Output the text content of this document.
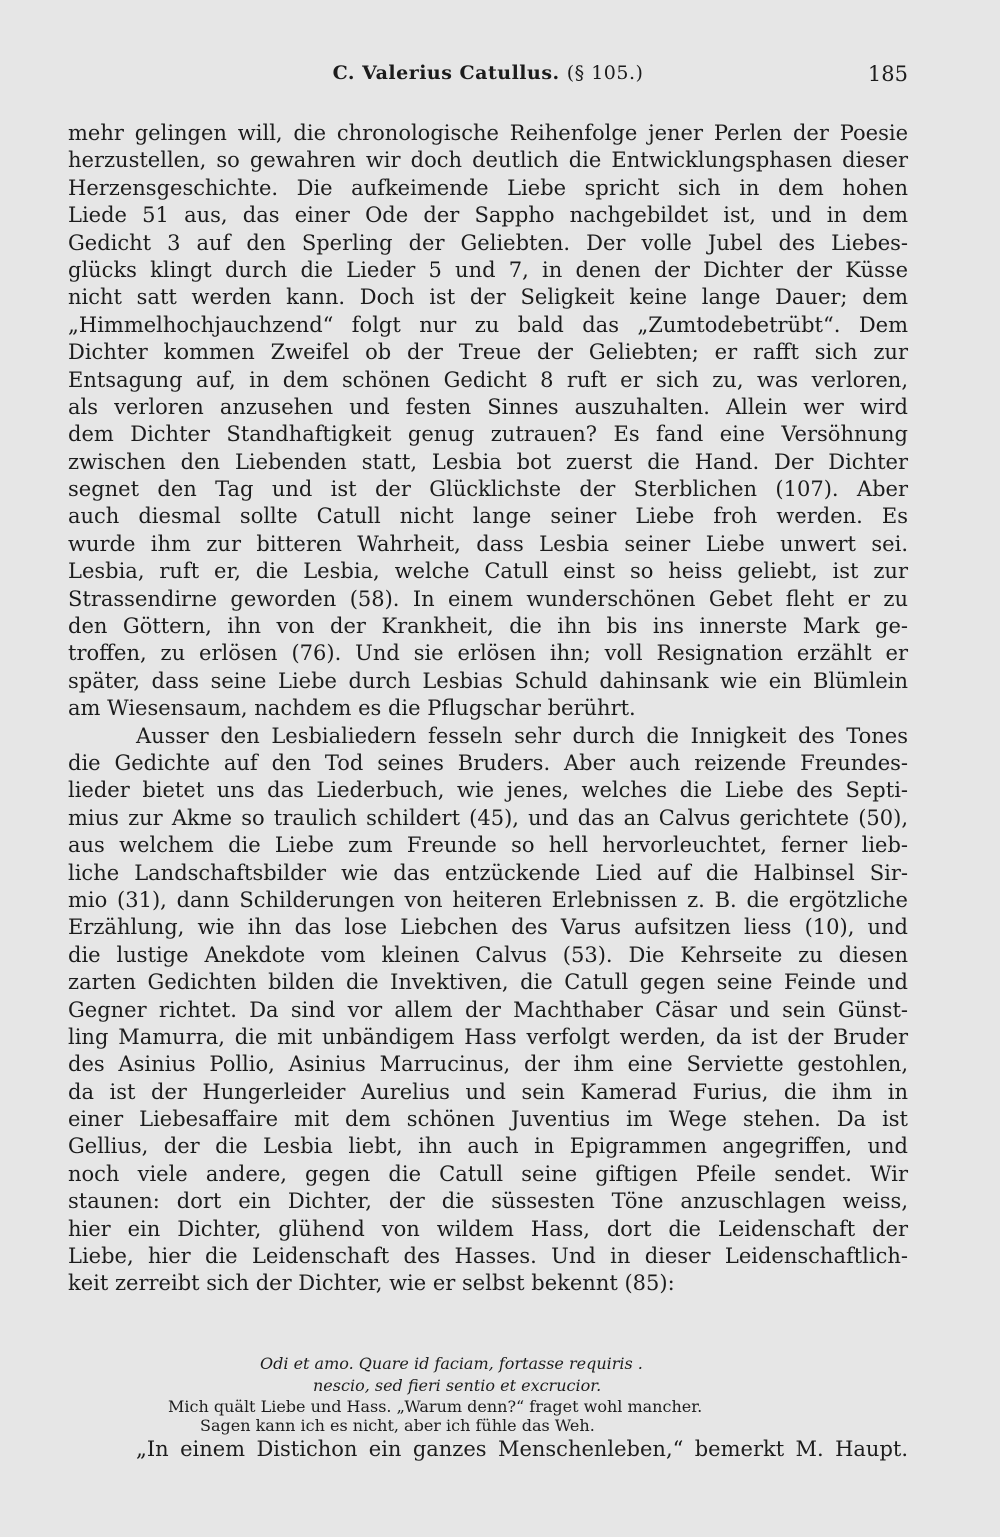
C. Valerius Catullus. (§ 105.)	185
mehr gelingen will, die chronologische Reihenfolge jener Perlen der Poesie
herzustellen, so gewahren wir doch deutlich die Entwicklungsphasen dieser
Herzensgeschichte. Die aufkeimende Liebe spricht sich in dem hohen
Liede 51 aus, das einer Ode der Sappho nachgebildet ist, und in dem
Gedicht 3 auf den Sperling der Geliebten. Der volle Jubel des Liebes-
glücks klingt durch die Lieder 5 und 7, in denen der Dichter der Küsse
nicht satt werden kann. Doch ist der Seligkeit keine lange Dauer; dem
„Himmelhochjauchzend“ folgt nur zu bald das „Zumtodebetrübt“. Dem
Dichter kommen Zweifel ob der Treue der Geliebten; er rafft sich zur
Entsagung auf, in dem schönen Gedicht 8 ruft er sich zu, was verloren,
als verloren anzusehen und festen Sinnes auszuhalten. Allein wer wird
dem Dichter Standhaftigkeit genug zutrauen? Es fand eine Versöhnung
zwischen den Liebenden statt, Lesbia bot zuerst die Hand. Der Dichter
segnet den Tag und ist der Glücklichste der Sterblichen (107). Aber
auch diesmal sollte Catull nicht lange seiner Liebe froh werden. Es
wurde ihm zur bitteren Wahrheit, dass Lesbia seiner Liebe unwert sei.
Lesbia, ruft er, die Lesbia, welche Catull einst so heiss geliebt, ist zur
Strassendirne geworden (58). In einem wunderschönen Gebet fleht er zu
den Göttern, ihn von der Krankheit, die ihn bis ins innerste Mark ge-
troffen, zu erlösen (76). Und sie erlösen ihn; voll Resignation erzählt er
später, dass seine Liebe durch Lesbias Schuld dahinsank wie ein Blümlein
am Wiesensaum, nachdem es die Pflugschar berührt.
Ausser den Lesbialiedern fesseln sehr durch die Innigkeit des Tones
die Gedichte auf den Tod seines Bruders. Aber auch reizende Freundes-
lieder bietet uns das Liederbuch, wie jenes, welches die Liebe des Septi-
mius zur Akme so traulich schildert (45), und das an Calvus gerichtete (50),
aus welchem die Liebe zum Freunde so hell hervorleuchtet, ferner lieb-
liche Landschaftsbilder wie das entzückende Lied auf die Halbinsel Sir-
mio (31), dann Schilderungen von heiteren Erlebnissen z. B. die ergötzliche
Erzählung, wie ihn das lose Liebchen des Varus aufsitzen liess (10), und
die lustige Anekdote vom kleinen Calvus (53). Die Kehrseite zu diesen
zarten Gedichten bilden die Invektiven, die Catull gegen seine Feinde und
Gegner richtet. Da sind vor allem der Machthaber Cäsar und sein Günst-
ling Mamurra, die mit unbändigem Hass verfolgt werden, da ist der Bruder
des Asinius Pollio, Asinius Marrucinus, der ihm eine Serviette gestohlen,
da ist der Hungerleider Aurelius und sein Kamerad Furius, die ihm in
einer Liebesaffaire mit dem schönen Juventius im Wege stehen. Da ist
Gellius, der die Lesbia liebt, ihn auch in Epigrammen angegriffen, und
noch viele andere, gegen die Catull seine giftigen Pfeile sendet. Wir
staunen: dort ein Dichter, der die süssesten Töne anzuschlagen weiss,
hier ein Dichter, glühend von wildem Hass, dort die Leidenschaft der
Liebe, hier die Leidenschaft des Hasses. Und in dieser Leidenschaftlich-
keit zerreibt sich der Dichter, wie er selbst bekennt (85):
Odi et amo. Quare id faciam, fortasse requiris .
nescio, sed fieri sentio et excrucior.
Mich quält Liebe und Hass. „Warum denn?“ fraget wohl mancher.
Sagen kann ich es nicht, aber ich fühle das Weh.
„In einem Distichon ein ganzes Menschenleben,“ bemerkt M. Haupt.
